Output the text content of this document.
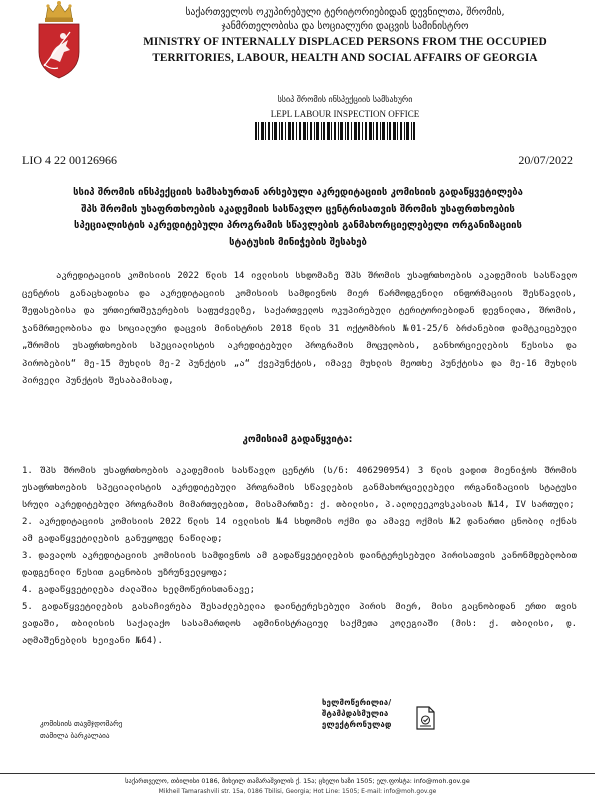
საქართველოს ოკუპირებული ტერიტორიებიდან დევნილთა, შრომის,
ჯანმრთელობისა და სოციალური დაცვის სამინისტრო
MINISTRY OF INTERNALLY DISPLACED PERSONS FROM THE OCCUPIED
TERRITORIES, LABOUR, HEALTH AND SOCIAL AFFAIRS OF GEORGIA
სსიპ შრომის ინსპექციის სამსახური
LEPL LABOUR INSPECTION OFFICE
LIO 4 22 00126966	20/07/2022
სსიპ შრომის ინსპექციის სამსახურთან არსებული აკრედიტაციის კომისიის გადაწყვეტილება
შპს შრომის უსაფრთხოების აკადემიის სასწავლო ცენტრისათვის შრომის უსაფრთხოების
სპეციალისტის აკრედიტებული პროგრამის სწავლების განმახორციელებელი ორგანიზაციის
სტატუსის მინიჭების შესახებ

აკრედიტაციის კომისიის 2022 წლის 14 ივლისის სხდომაზე შპს შრომის უსაფრთხოების აკადემიის სასწავლო ცენტრის განაცხადისა და აკრედიტაციის კომისიის სამდივნოს მიერ წარმოდგენილი ინფორმაციის შესწავლის, შეფასებისა და ურთიერთშეჯერების საფუძველზე, საქართველოს ოკუპირებული ტერიტორიებიდან დევნილთა, შრომის, ჯანმრთელობისა და სოციალური დაცვის მინისტრის 2018 წლის 31 ოქტომბრის №01-25/ნ ბრძანებით დამტკიცებული „შრომის უსაფრთხოების სპეციალისტის აკრედიტებული პროგრამის მოცულობის, განხორციელების წესისა და პირობების“ მე-15 მუხლის მე-2 პუნქტის „ა“ ქვეპუნქტის, იმავე მუხლის მეოთხე პუნქტისა და მე-16 მუხლის პირველი პუნქტის შესაბამისად,

კომისიამ გადაწყვიტა:

1. შპს შრომის უსაფრთხოების აკადემიის სასწავლო ცენტრს (ს/ნ: 406290954) 3 წლის ვადით მიენიჭოს შრომის უსაფრთხოების სპეციალისტის აკრედიტებული პროგრამის სწავლების განმახორციელებელი ორგანიზაციის სტატუსი სრული აკრედიტებული პროგრამის მიმართულებით, მისამართზე: ქ. თბილისი, პ.ალოლეეკოვსკასიას №14, IV სართული;

2. აკრედიტაციის კომისიის 2022 წლის 14 ივლისის №4 სხდომის ოქმი და ამავე ოქმის №2 დანართი ცნობილ იქნას ამ გადაწყვეტილების განუყოფელ ნაწილად;

3. დავალოს აკრედიტაციის კომისიის სამდივნოს ამ გადაწყვეტილების დაინტერესებული პირისათვის კანონმდებლობით დადგენილი წესით გაცნობის უზრუნველყოფა;

4. გადაწყვეტილება ძალაშია ხელმოწერისთანავე;

5. გადაწყვეტილების გასაჩივრება შესაძლებელია დაინტერესებული პირის მიერ, მისი გაცნობიდან ერთი თვის ვადაში, თბილისის საქალაქო სასამართლოს ადმინისტრაციულ საქმეთა კოლეგიაში (მის: ქ. თბილისი, დ. აღმაშენებლის ხეივანი №64).

კომისიის თავმჯდომარე
თამილა ბარკალაია
ხელმოწერილია/
შტამპდასმულია
ელექტრონულად
საქართველო, თბილისი 0186, მიხეილ თამარაშვილის ქ. 15ა; ცხელი ხაზი 1505; ელ.ფოსტა: info@moh.gov.ge
Mikheil Tamarashvili str. 15a, 0186 Tbilisi, Georgia; Hot Line: 1505; E-mail: info@moh.gov.ge
